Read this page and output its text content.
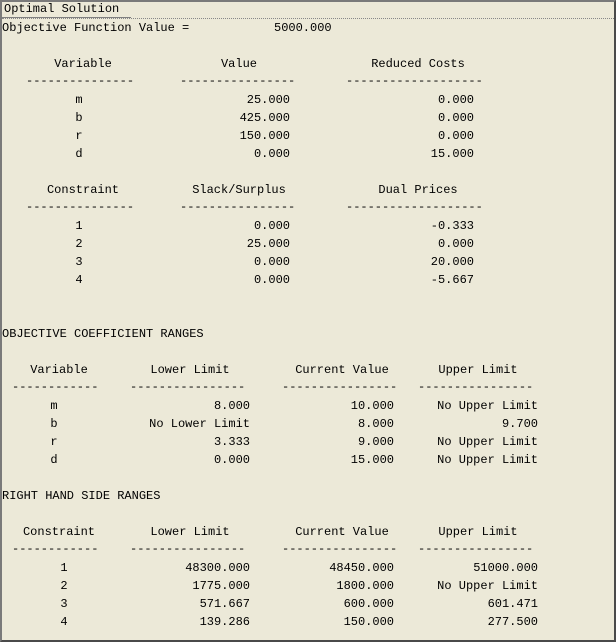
Optimal Solution
Objective Function Value =	5000.000
Variable	Value	Reduced Costs
---------------	----------------	-------------------
m	25.000	0.000
b	425.000	0.000
r	150.000	0.000
d	0.000	15.000
Constraint	Slack/Surplus	Dual Prices
---------------	----------------	-------------------
1	0.000	-0.333
2	25.000	0.000
3	0.000	20.000
4	0.000	-5.667
OBJECTIVE COEFFICIENT RANGES
Variable	Lower Limit	Current Value	Upper Limit
------------	----------------	----------------	----------------
m	8.000	10.000	No Upper Limit
b	No Lower Limit	8.000	9.700
r	3.333	9.000	No Upper Limit
d	0.000	15.000	No Upper Limit
RIGHT HAND SIDE RANGES
Constraint	Lower Limit	Current Value	Upper Limit
------------	----------------	----------------	----------------
1	48300.000	48450.000	51000.000
2	1775.000	1800.000	No Upper Limit
3	571.667	600.000	601.471
4	139.286	150.000	277.500
